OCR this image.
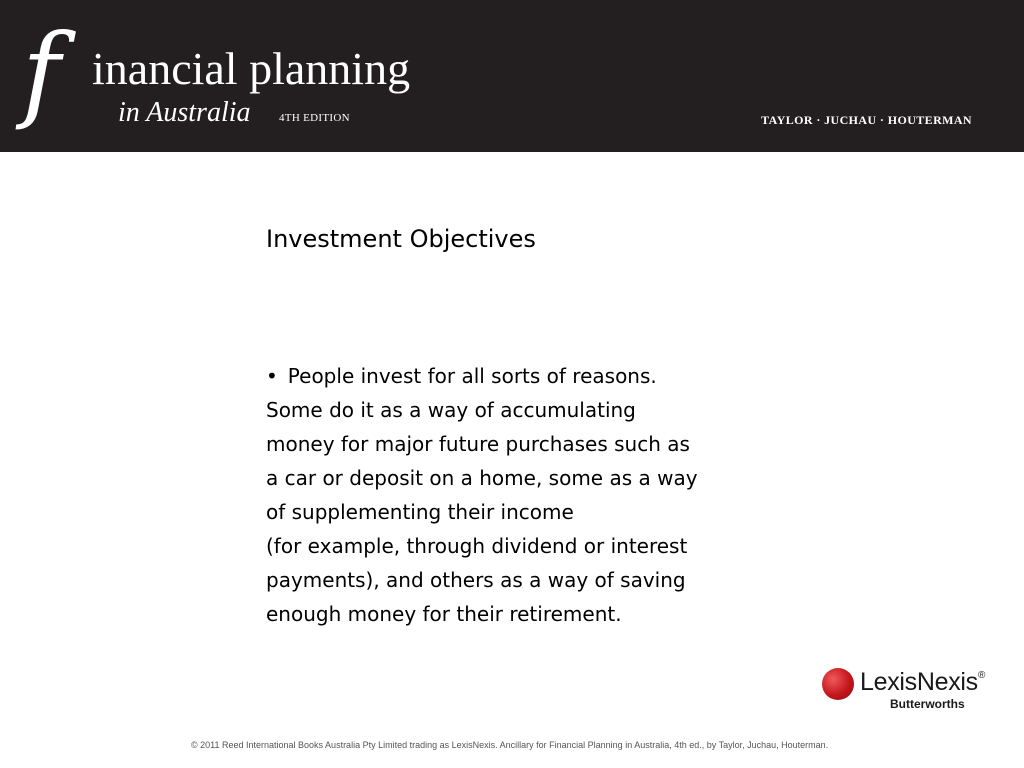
f inancial planning
in Australia	4TH EDITION	TAYLOR · JUCHAU · HOUTERMAN
Investment Objectives
• People invest for all sorts of reasons.
Some do it as a way of accumulating
money for major future purchases such as
a car or deposit on a home, some as a way
of supplementing their income
(for example, through dividend or interest
payments), and others as a way of saving
enough money for their retirement.
LexisNexis ®
Butterworths
© 2011 Reed International Books Australia Pty Limited trading as LexisNexis. Ancillary for Financial Planning in Australia, 4th ed., by Taylor, Juchau, Houterman.
